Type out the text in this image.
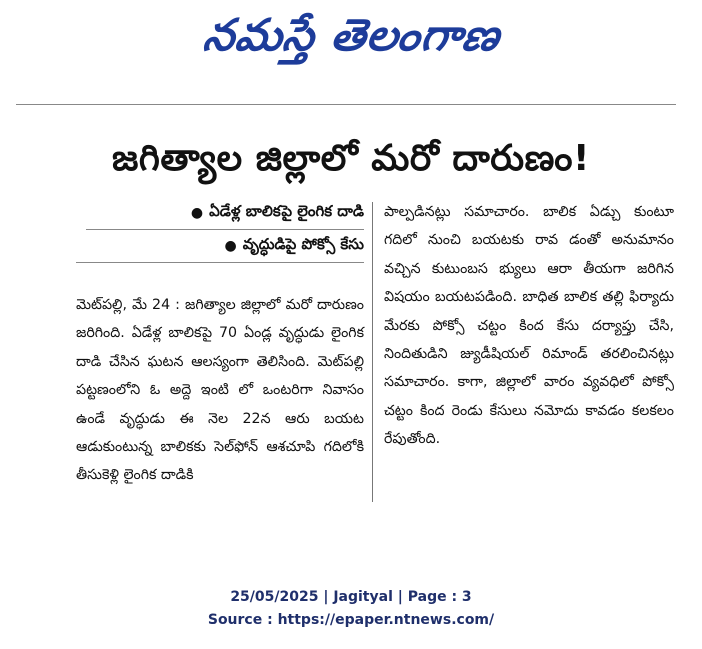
నమస్తే తెలంగాణ
జగిత్యాల జిల్లాలో మరో దారుణం!
● ఏడేళ్ల బాలికపై లైంగిక దాడి
● వృద్ధుడిపై పోక్సో కేసు

మెట్‌పల్లి, మే 24 : జగిత్యాల జిల్లాలో మరో దారుణం జరిగింది. ఏడేళ్ల బాలికపై 70 ఏండ్ల వృద్ధుడు లైంగిక దాడి చేసిన ఘటన ఆలస్యంగా తెలిసింది. మెట్‌పల్లి పట్టణంలోని ఓ అద్దె ఇంటి లో ఒంటరిగా నివాసం ఉండే వృద్ధుడు ఈ నెల 22న ఆరు బయట ఆడుకుంటున్న బాలికకు సెల్‌ఫోన్ ఆశచూపి గదిలోకి తీసుకెళ్లి లైంగిక దాడికి

పాల్పడినట్లు సమాచారం. బాలిక ఏడ్చు కుంటూ గదిలో నుంచి బయటకు రావ డంతో అనుమానం వచ్చిన కుటుంబస భ్యులు ఆరా తీయగా జరిగిన విషయం బయటపడింది. బాధిత బాలిక తల్లి ఫిర్యాదు మేరకు పోక్సో చట్టం కింద కేసు దర్యాప్తు చేసి, నిందితుడిని జ్యుడీషియల్ రిమాండ్ తరలించినట్లు సమాచారం. కాగా, జిల్లాలో వారం వ్యవధిలో పోక్సో చట్టం కింద రెండు కేసులు నమోదు కావడం కలకలం రేపుతోంది.

25/05/2025 | Jagityal | Page : 3
Source : https://epaper.ntnews.com/
